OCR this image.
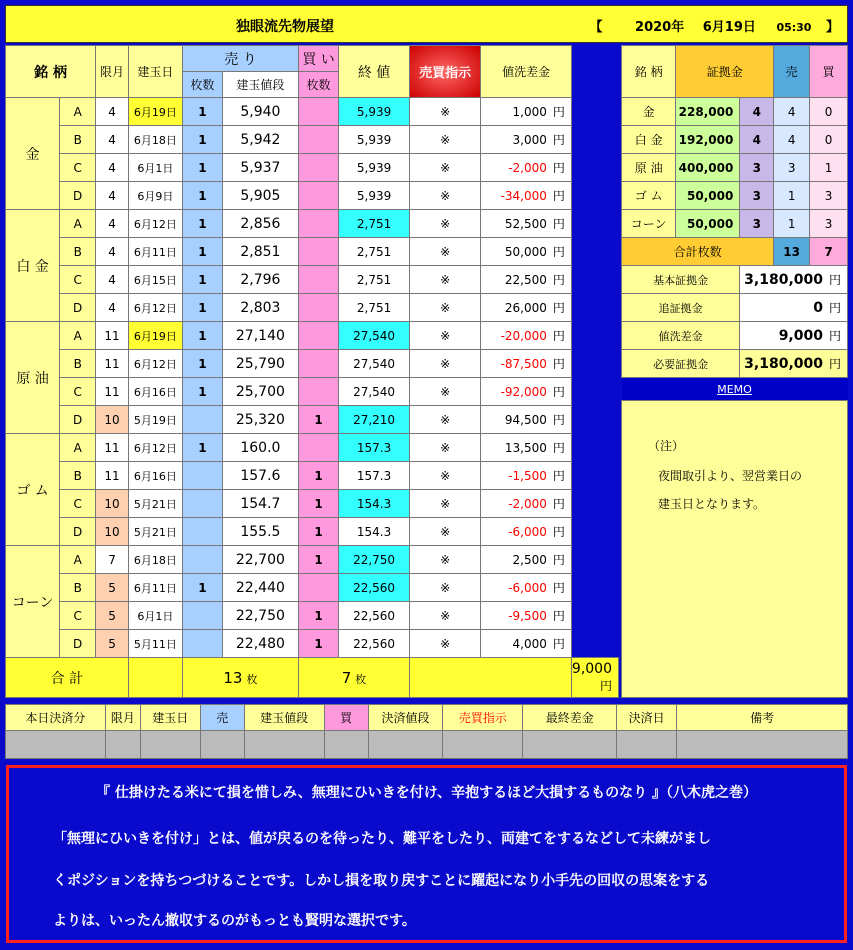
独眼流先物展望	【	2020年 6月19日 05:30 】
銘 柄		限月	建玉日	売 り		買 い	終 値	売買指示	値洗差金	
				枚数	建玉値段	枚数				
金	A	4	6月19日	1	5,940		5,939	※	1,000 円	
	B	4	6月18日	1	5,942		5,939	※	3,000 円	
	C	4	6月1日	1	5,937		5,939	※	-2,000 円	
	D	4	6月9日	1	5,905		5,939	※	-34,000 円	
白 金	A	4	6月12日	1	2,856		2,751	※	52,500 円	
	B	4	6月11日	1	2,851		2,751	※	50,000 円	
	C	4	6月15日	1	2,796		2,751	※	22,500 円	
	D	4	6月12日	1	2,803		2,751	※	26,000 円	
原 油	A	11	6月19日	1	27,140		27,540	※	-20,000 円	
	B	11	6月12日	1	25,790		27,540	※	-87,500 円	
	C	11	6月16日	1	25,700		27,540	※	-92,000 円	
	D	10	5月19日		25,320	1	27,210	※	94,500 円	
ゴ ム	A	11	6月12日	1	160.0		157.3	※	13,500 円	
	B	11	6月16日		157.6	1	157.3	※	-1,500 円	
	C	10	5月21日		154.7	1	154.3	※	-2,000 円	
	D	10	5月21日		155.5	1	154.3	※	-6,000 円	
コーン	A	7	6月18日		22,700	1	22,750	※	2,500 円	
	B	5	6月11日	1	22,440		22,560	※	-6,000 円	
	C	5	6月1日		22,750	1	22,560	※	-9,500 円	
	D	5	5月11日		22,480	1	22,560	※	4,000 円	
合 計				13 枚		7 枚				9,000円
銘 柄	証拠金		売	買
金	228,000	4	4	0
白 金	192,000	4	4	0
原 油	400,000	3	3	1
ゴ ム	50,000	3	1	3
コーン	50,000	3	1	3
合計枚数			13	7
基本証拠金		3,180,000 円		
追証拠金		0 円		
値洗差金		9,000 円		
必要証拠金		3,180,000 円		
MEMO				
（注）
夜間取引より、翌営業日の
建玉日となります。
本日決済分	限月	建玉日	売	建玉値段	買	決済値段	売買指示	最終差金	決済日	備考

『 仕掛けたる米にて損を惜しみ、無理にひいきを付け、辛抱するほど大損するものなり 』（八木虎之巻）

「無理にひいきを付け」とは、値が戻るのを待ったり、難平をしたり、両建てをするなどして未練がまし

くポジションを持ちつづけることです。しかし損を取り戻すことに躍起になり小手先の回収の思案をする

よりは、いったん撤収するのがもっとも賢明な選択です。
